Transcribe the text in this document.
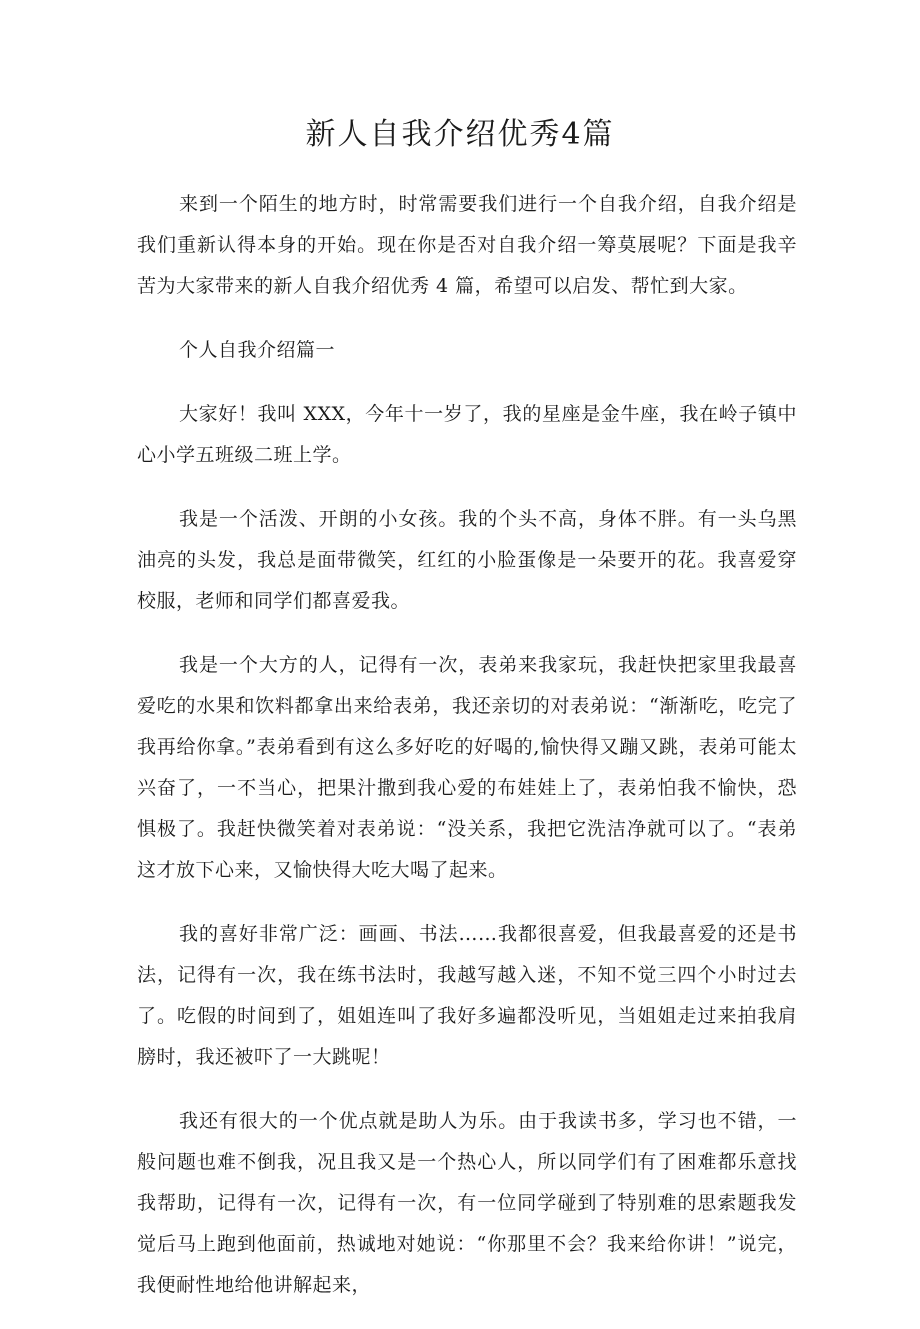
新人自我介绍优秀4篇

来到一个陌生的地方时，时常需要我们进行一个自我介绍，自我介绍是我们重新认得本身的开始。现在你是否对自我介绍一筹莫展呢？下面是我辛苦为大家带来的新人自我介绍优秀 4 篇，希望可以启发、帮忙到大家。

个人自我介绍篇一

大家好！我叫 XXX，今年十一岁了，我的星座是金牛座，我在岭子镇中心小学五班级二班上学。

我是一个活泼、开朗的小女孩。我的个头不高，身体不胖。有一头乌黑油亮的头发，我总是面带微笑，红红的小脸蛋像是一朵要开的花。我喜爱穿校服，老师和同学们都喜爱我。

我是一个大方的人，记得有一次，表弟来我家玩，我赶快把家里我最喜爱吃的水果和饮料都拿出来给表弟，我还亲切的对表弟说：“渐渐吃，吃完了我再给你拿。”表弟看到有这么多好吃的好喝的,愉快得又蹦又跳，表弟可能太兴奋了，一不当心，把果汁撒到我心爱的布娃娃上了，表弟怕我不愉快，恐惧极了。我赶快微笑着对表弟说：“没关系，我把它洗洁净就可以了。“表弟这才放下心来，又愉快得大吃大喝了起来。

我的喜好非常广泛：画画、书法……我都很喜爱，但我最喜爱的还是书法，记得有一次，我在练书法时，我越写越入迷，不知不觉三四个小时过去了。吃假的时间到了，姐姐连叫了我好多遍都没听见，当姐姐走过来拍我肩膀时，我还被吓了一大跳呢！

我还有很大的一个优点就是助人为乐。由于我读书多，学习也不错，一般问题也难不倒我，况且我又是一个热心人，所以同学们有了困难都乐意找我帮助，记得有一次，记得有一次，有一位同学碰到了特别难的思索题我发觉后马上跑到他面前，热诚地对她说：“你那里不会？我来给你讲！”说完，我便耐性地给他讲解起来，
